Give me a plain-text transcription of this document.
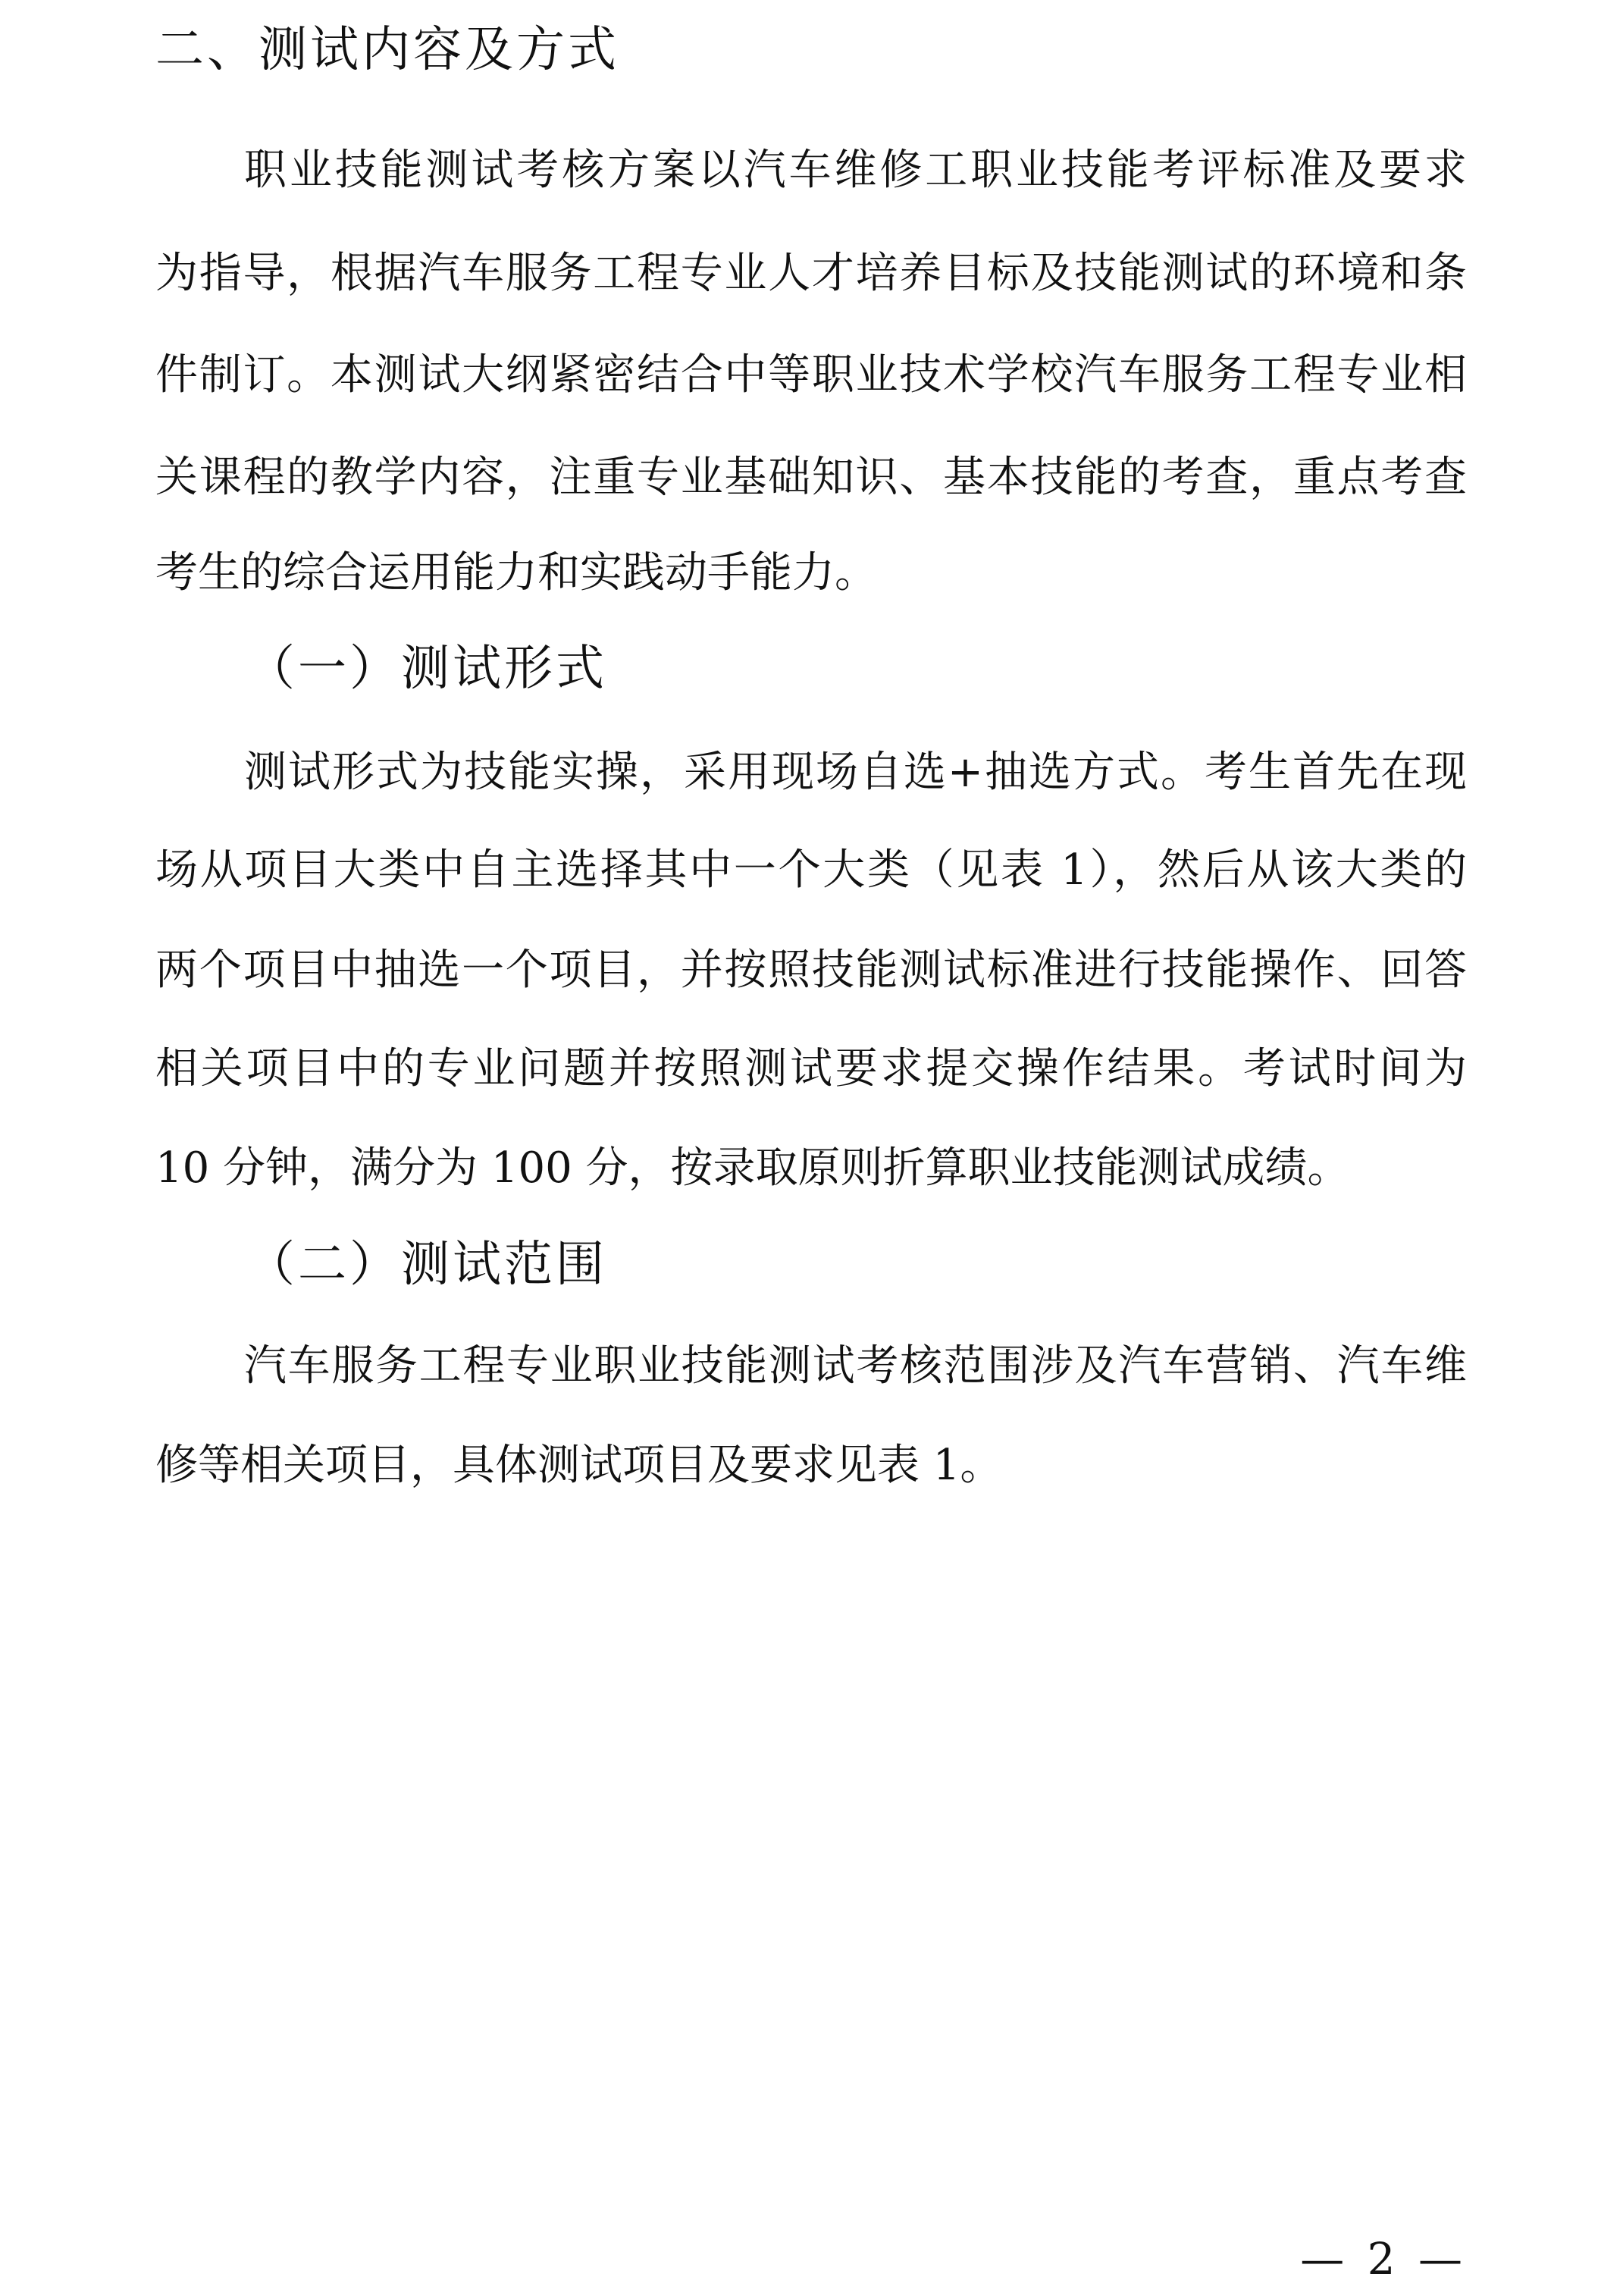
二、测试内容及方式
职业技能测试考核方案以汽车维修工职业技能考评标准及要求
为指导，根据汽车服务工程专业人才培养目标及技能测试的环境和条
件制订。本测试大纲紧密结合中等职业技术学校汽车服务工程专业相
关课程的教学内容，注重专业基础知识、基本技能的考查，重点考查
考生的综合运用能力和实践动手能力。
（一）测试形式
测试形式为技能实操，采用现场自选+抽选方式。考生首先在现
场从项目大类中自主选择其中一个大类（见表 1），然后从该大类的
两个项目中抽选一个项目，并按照技能测试标准进行技能操作、回答
相关项目中的专业问题并按照测试要求提交操作结果。考试时间为
10 分钟，满分为 100 分，按录取原则折算职业技能测试成绩。
（二）测试范围
汽车服务工程专业职业技能测试考核范围涉及汽车营销、汽车维
修等相关项目，具体测试项目及要求见表 1。
— 2 —
